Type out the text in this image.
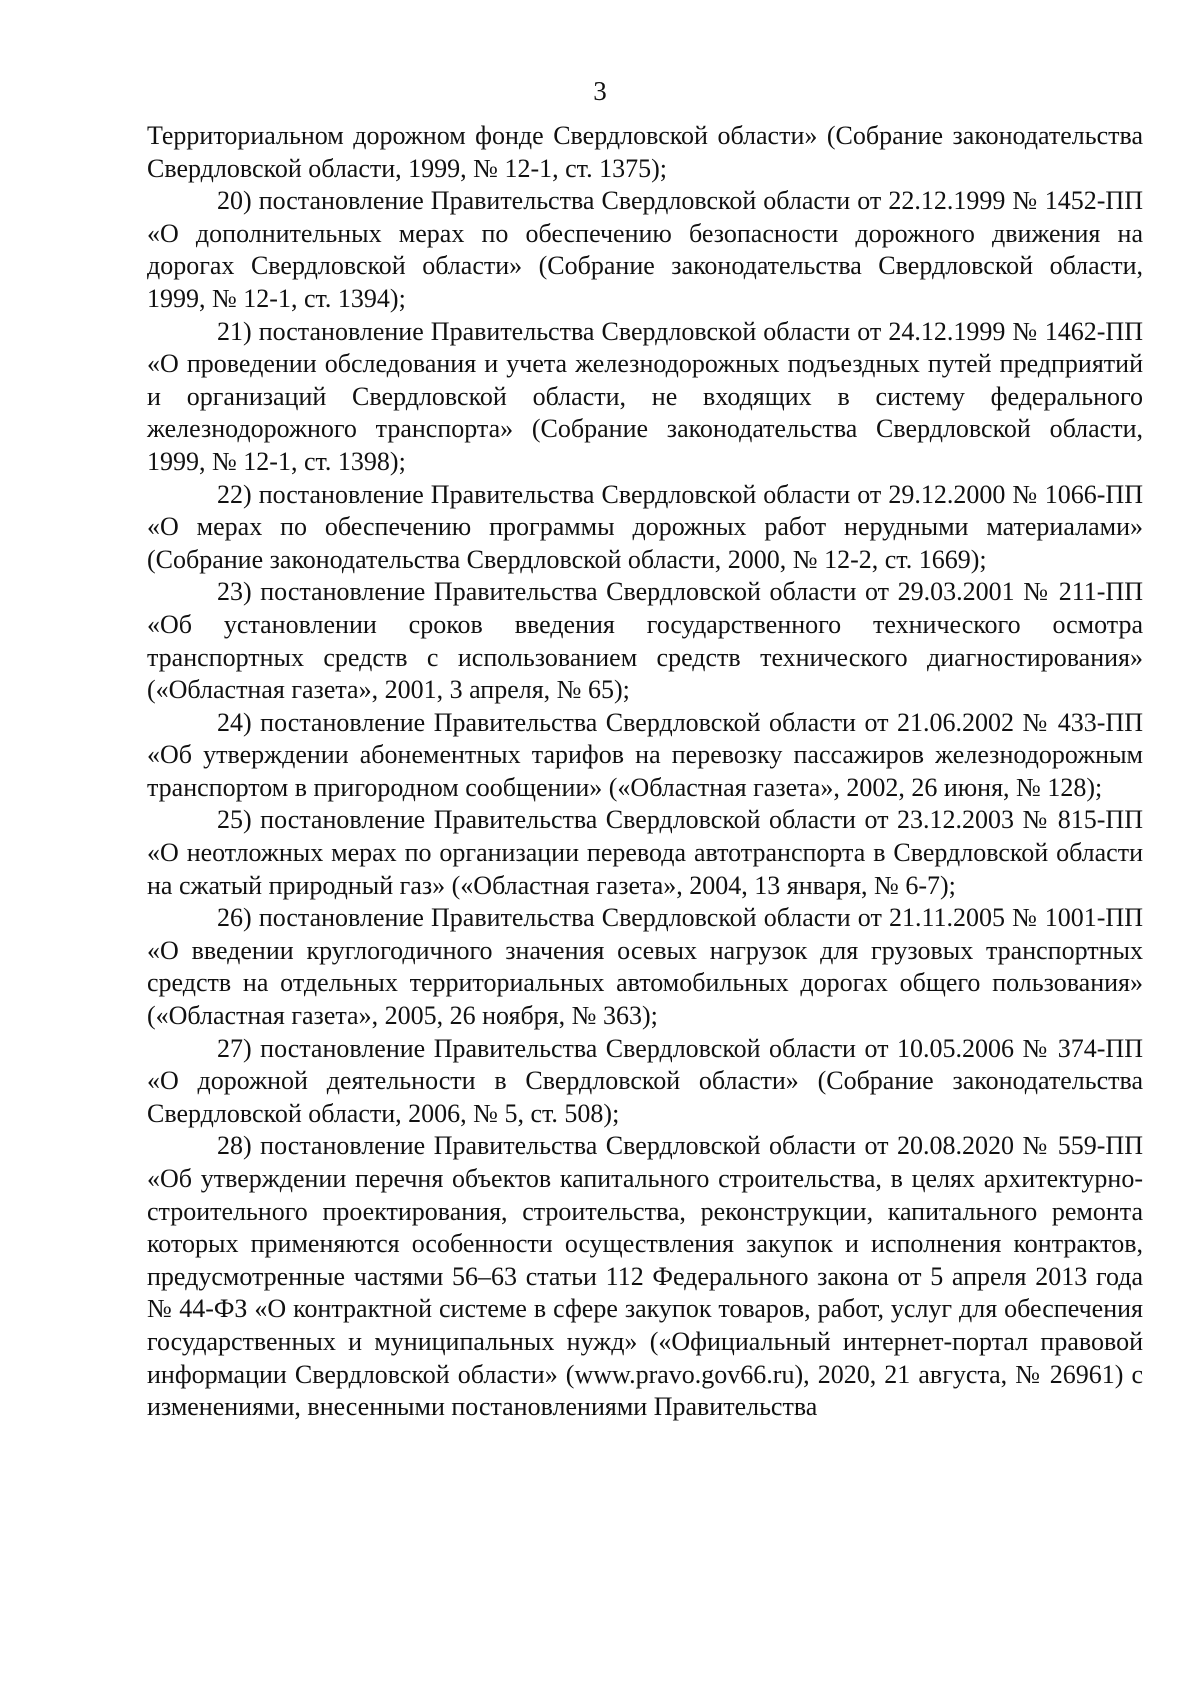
3

Территориальном дорожном фонде Свердловской области» (Собрание законодательства Свердловской области, 1999, № 12-1, ст. 1375);

20) постановление Правительства Свердловской области от 22.12.1999 № 1452-ПП «О дополнительных мерах по обеспечению безопасности дорожного движения на дорогах Свердловской области» (Собрание законодательства Свердловской области, 1999, № 12-1, ст. 1394);

21) постановление Правительства Свердловской области от 24.12.1999 № 1462-ПП «О проведении обследования и учета железнодорожных подъездных путей предприятий и организаций Свердловской области, не входящих в систему федерального железнодорожного транспорта» (Собрание законодательства Свердловской области, 1999, № 12-1, ст. 1398);

22) постановление Правительства Свердловской области от 29.12.2000 № 1066-ПП «О мерах по обеспечению программы дорожных работ нерудными материалами» (Собрание законодательства Свердловской области, 2000, № 12-2, ст. 1669);

23) постановление Правительства Свердловской области от 29.03.2001 № 211-ПП «Об установлении сроков введения государственного технического осмотра транспортных средств с использованием средств технического диагностирования» («Областная газета», 2001, 3 апреля, № 65);

24) постановление Правительства Свердловской области от 21.06.2002 № 433-ПП «Об утверждении абонементных тарифов на перевозку пассажиров железнодорожным транспортом в пригородном сообщении» («Областная газета», 2002, 26 июня, № 128);

25) постановление Правительства Свердловской области от 23.12.2003 № 815-ПП «О неотложных мерах по организации перевода автотранспорта в Свердловской области на сжатый природный газ» («Областная газета», 2004, 13 января, № 6-7);

26) постановление Правительства Свердловской области от 21.11.2005 № 1001-ПП «О введении круглогодичного значения осевых нагрузок для грузовых транспортных средств на отдельных территориальных автомобильных дорогах общего пользования» («Областная газета», 2005, 26 ноября, № 363);

27) постановление Правительства Свердловской области от 10.05.2006 № 374-ПП «О дорожной деятельности в Свердловской области» (Собрание законодательства Свердловской области, 2006, № 5, ст. 508);

28) постановление Правительства Свердловской области от 20.08.2020 № 559-ПП «Об утверждении перечня объектов капитального строительства, в целях архитектурно-строительного проектирования, строительства, реконструкции, капитального ремонта которых применяются особенности осуществления закупок и исполнения контрактов, предусмотренные частями 56–63 статьи 112 Федерального закона от 5 апреля 2013 года № 44-ФЗ «О контрактной системе в сфере закупок товаров, работ, услуг для обеспечения государственных и муниципальных нужд» («Официальный интернет-портал правовой информации Свердловской области» (www.pravo.gov66.ru), 2020, 21 августа, № 26961) с изменениями, внесенными постановлениями Правительства
